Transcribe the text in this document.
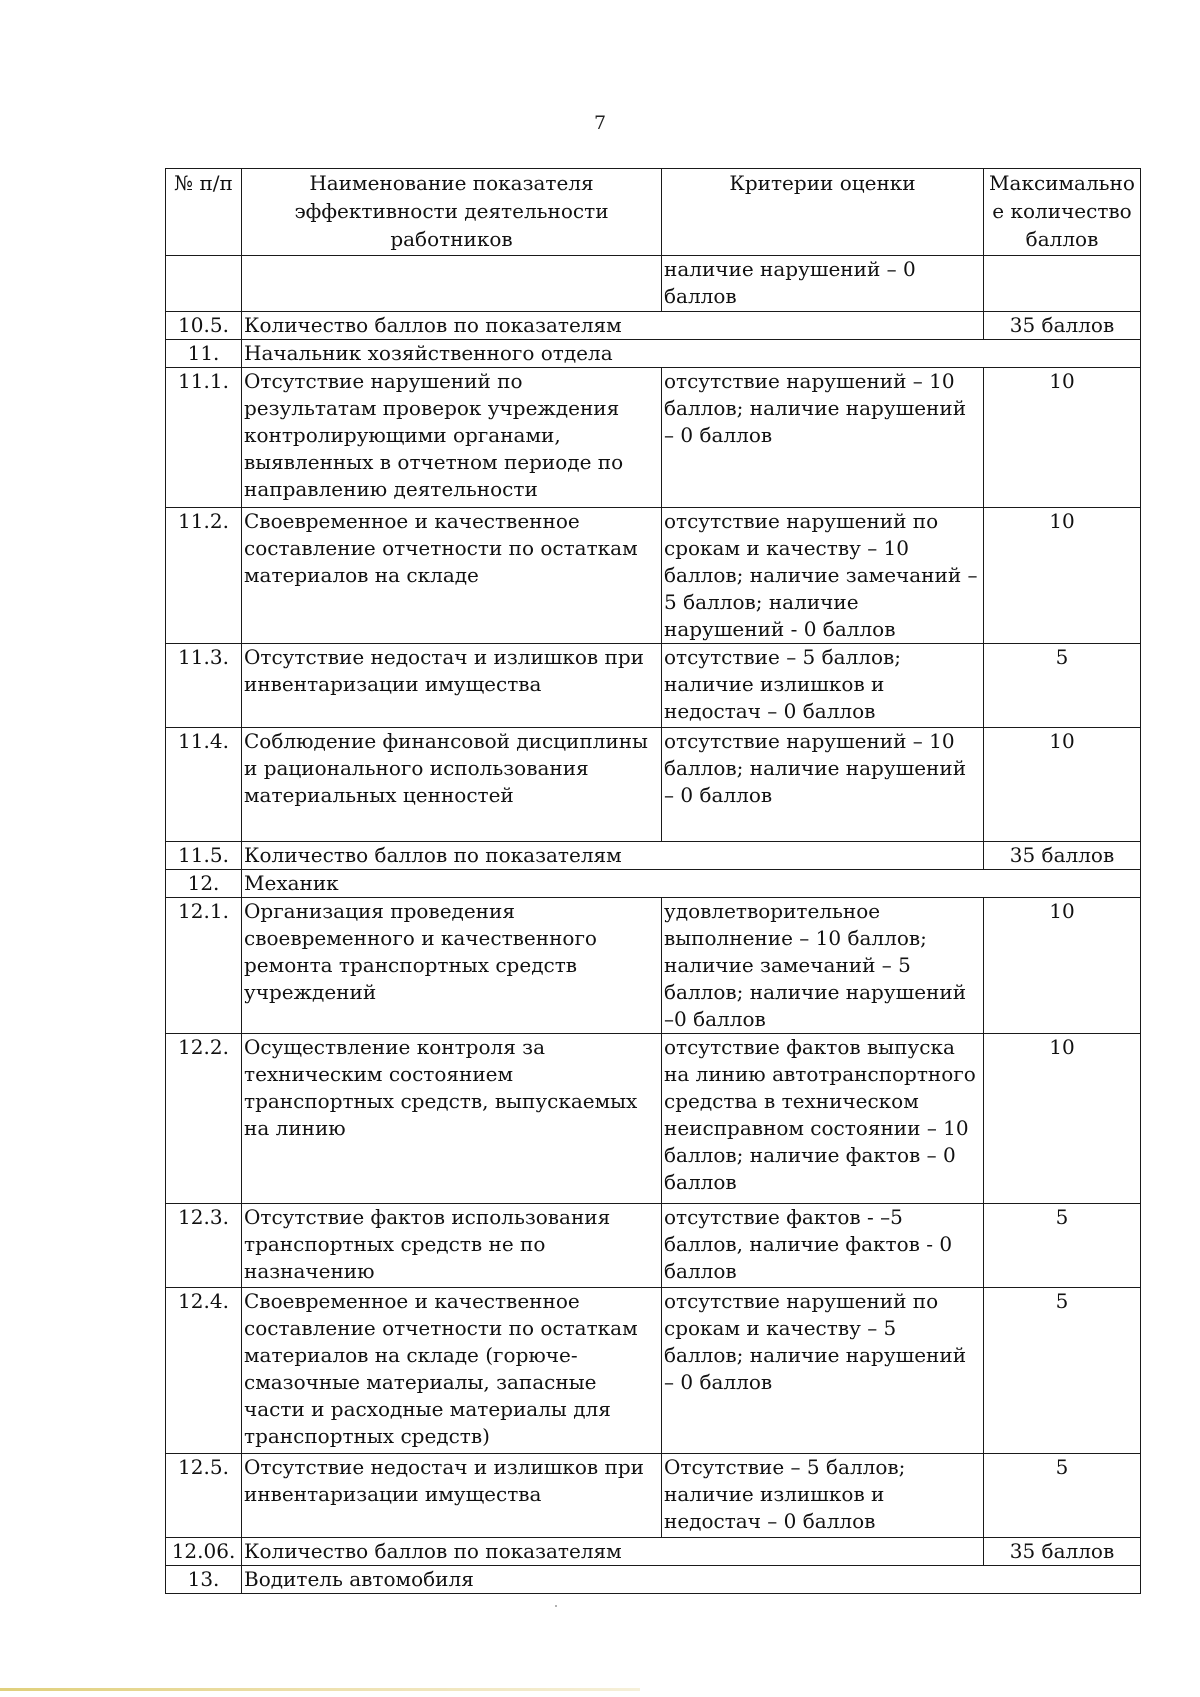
7
№ п/п	Наименование показателя эффективности деятельности работников	Критерии оценки	Максимальное количество баллов
		наличие нарушений – 0 баллов	
10.5.	Количество баллов по показателям		35 баллов
11.	Начальник хозяйственного отдела		
11.1.	Отсутствие нарушений по результатам проверок учреждения контролирующими органами, выявленных в отчетном периоде по направлению деятельности	отсутствие нарушений – 10 баллов; наличие нарушений – 0 баллов	10
11.2.	Своевременное и качественное составление отчетности по остаткам материалов на складе	отсутствие нарушений по срокам и качеству – 10 баллов; наличие замечаний – 5 баллов; наличие нарушений - 0 баллов	10
11.3.	Отсутствие недостач и излишков при инвентаризации имущества	отсутствие – 5 баллов; наличие излишков и недостач – 0 баллов	5
11.4.	Соблюдение финансовой дисциплины и рационального использования материальных ценностей	отсутствие нарушений – 10 баллов; наличие нарушений – 0 баллов	10
11.5.	Количество баллов по показателям		35 баллов
12.	Механик		
12.1.	Организация проведения своевременного и качественного ремонта транспортных средств учреждений	удовлетворительное выполнение – 10 баллов; наличие замечаний – 5 баллов; наличие нарушений –0 баллов	10
12.2.	Осуществление контроля за техническим состоянием транспортных средств, выпускаемых на линию	отсутствие фактов выпуска на линию автотранспортного средства в техническом неисправном состоянии – 10 баллов; наличие фактов – 0 баллов	10
12.3.	Отсутствие фактов использования транспортных средств не по назначению	отсутствие фактов - –5 баллов, наличие фактов - 0 баллов	5
12.4.	Своевременное и качественное составление отчетности по остаткам материалов на складе (горюче-смазочные материалы, запасные части и расходные материалы для транспортных средств)	отсутствие нарушений по срокам и качеству – 5 баллов; наличие нарушений – 0 баллов	5
12.5.	Отсутствие недостач и излишков при инвентаризации имущества	Отсутствие – 5 баллов; наличие излишков и недостач – 0 баллов	5
12.06.	Количество баллов по показателям		35 баллов
13.	Водитель автомобиля		
